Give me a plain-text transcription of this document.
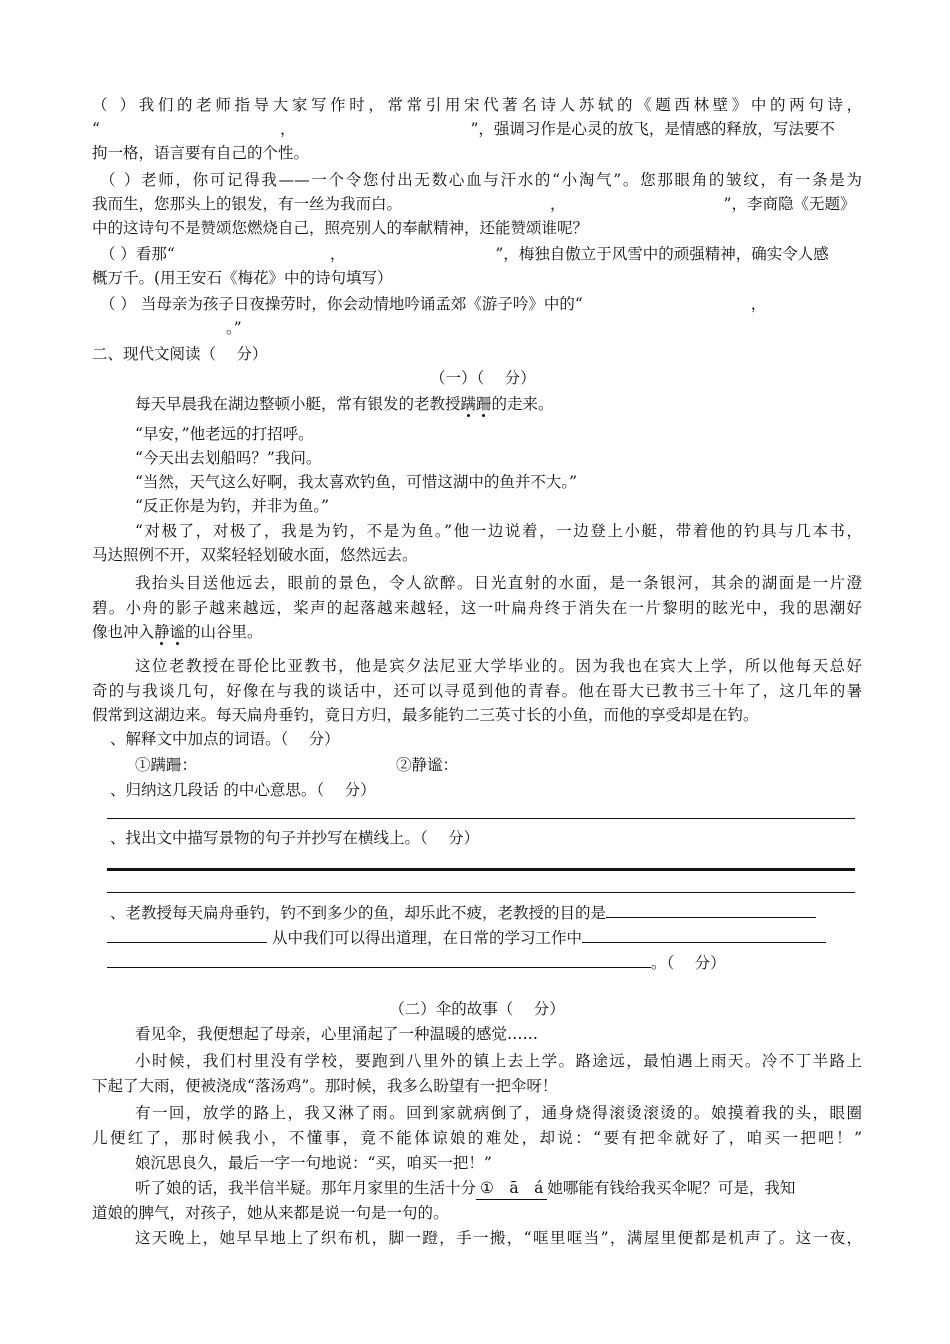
（ ）我们的老师指导大家写作时，常常引用宋代著名诗人苏轼的《题西林壁》中的两句诗，
“	，	”，强调习作是心灵的放飞，是情感的释放，写法要不
拘一格，语言要有自己的个性。
（ ）老师，你可记得我——一个令您付出无数心血与汗水的“小淘气”。您那眼角的皱纹，有一条是为
我而生，您那头上的银发，有一丝为我而白。	，	”，李商隐《无题》
中的这诗句不是赞颂您燃烧自己，照亮别人的奉献精神，还能赞颂谁呢？
（ ）看那“	，	”，梅独自傲立于风雪中的顽强精神，确实令人感
概万千。(用王安石《梅花》中的诗句填写）
（ ） 当母亲为孩子日夜操劳时，你会动情地吟诵孟郊《游子吟》中的“	，
。”
二、现代文阅读（　 分）
（一）（　 分）
每天早晨我在湖边整顿小艇，常有银发的老教授蹒跚的走来。
“早安，”他老远的打招呼。
“今天出去划船吗？”我问。
“当然，天气这么好啊，我太喜欢钓鱼，可惜这湖中的鱼并不大。”
“反正你是为钓，并非为鱼。”
“对极了，对极了，我是为钓，不是为鱼。”他一边说着，一边登上小艇，带着他的钓具与几本书，
马达照例不开，双桨轻轻划破水面，悠然远去。
我抬头目送他远去，眼前的景色，令人欲醉。日光直射的水面，是一条银河，其余的湖面是一片澄
碧。小舟的影子越来越远，桨声的起落越来越轻，这一叶扁舟终于消失在一片黎明的眩光中，我的思潮好
像也冲入静谧的山谷里。
这位老教授在哥伦比亚教书，他是宾夕法尼亚大学毕业的。因为我也在宾大上学，所以他每天总好
奇的与我谈几句，好像在与我的谈话中，还可以寻觅到他的青春。他在哥大已教书三十年了，这几年的暑
假常到这湖边来。每天扁舟垂钓，竟日方归，最多能钓二三英寸长的小鱼，而他的享受却是在钓。
、解释文中加点的词语。（　 分）
①蹒跚：	②静谧：
、归纳这几段话 的中心意思。（　 分）
、找出文中描写景物的句子并抄写在横线上。（　 分）
、老教授每天扁舟垂钓，钓不到多少的鱼，却乐此不疲，老教授的目的是
从中我们可以得出道理，在日常的学习工作中
。（　 分）
（二）伞的故事（　 分）
看见伞，我便想起了母亲，心里涌起了一种温暖的感觉……
小时候，我们村里没有学校，要跑到八里外的镇上去上学。路途远，最怕遇上雨天。冷不丁半路上
下起了大雨，便被浇成“落汤鸡”。那时候，我多么盼望有一把伞呀！
有一回，放学的路上，我又淋了雨。回到家就病倒了，通身烧得滚烫滚烫的。娘摸着我的头，眼圈
儿便红了，那时候我小，不懂事，竟不能体谅娘的难处，却说：“要有把伞就好了，咱买一把吧！”
娘沉思良久，最后一字一句地说：“买，咱买一把！”
听了娘的话，我半信半疑。那年月家里的生活十分 ①　ā　á 她哪能有钱给我买伞呢？可是，我知
道娘的脾气，对孩子，她从来都是说一句是一句的。
这天晚上，她早早地上了织布机，脚一蹬，手一搬，“哐里哐当”，满屋里便都是机声了。这一夜，
